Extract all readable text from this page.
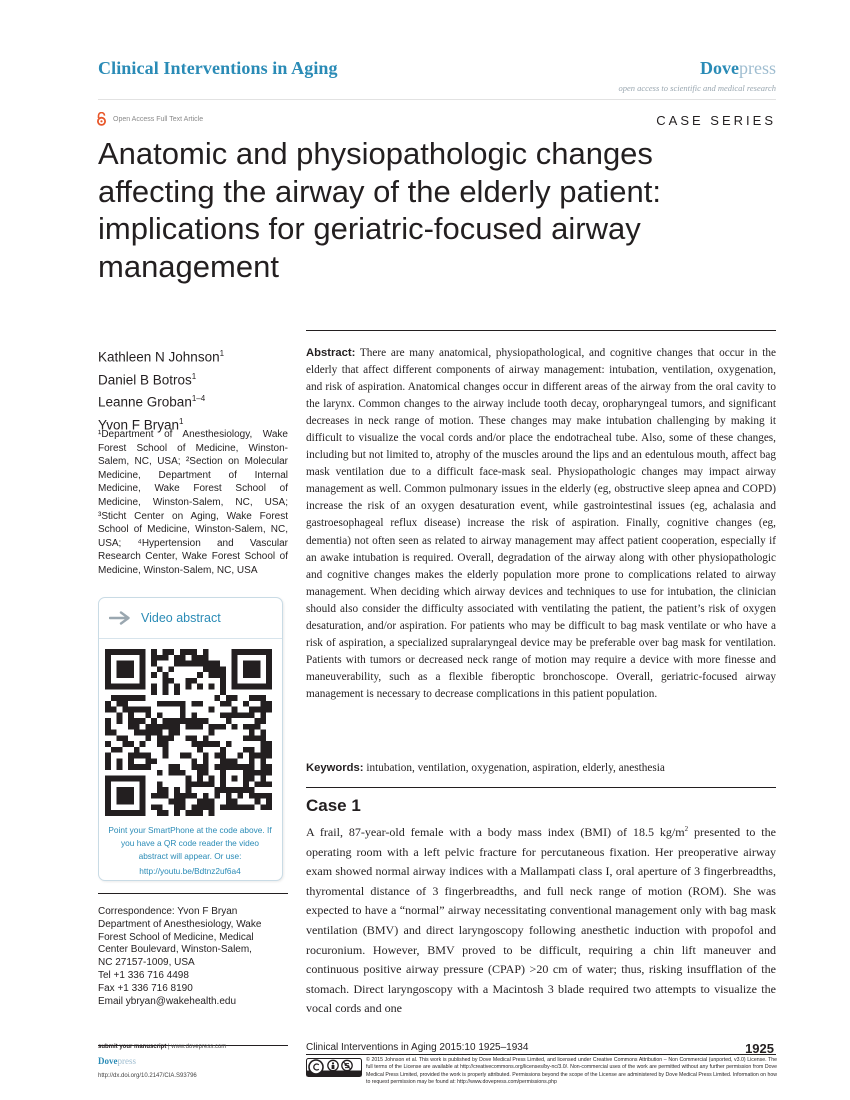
Clinical Interventions in Aging	Dovepress
open access to scientific and medical research
Open Access Full Text Article	CASE SERIES
Anatomic and physiopathologic changes affecting the airway of the elderly patient: implications for geriatric-focused airway management
Kathleen N Johnson$^1$
Daniel B Botros$^1$
Leanne Groban$^{1-4}$
Yvon F Bryan$^1$
¹Department of Anesthesiology, Wake Forest School of Medicine, Winston-Salem, NC, USA; ²Section on Molecular Medicine, Department of Internal Medicine, Wake Forest School of Medicine, Winston-Salem, NC, USA; ³Sticht Center on Aging, Wake Forest School of Medicine, Winston-Salem, NC, USA; ⁴Hypertension and Vascular Research Center, Wake Forest School of Medicine, Winston-Salem, NC, USA
Video abstract
Point your SmartPhone at the code above. If you have a QR code reader the video abstract will appear. Or use:
http://youtu.be/Bdtnz2uf6a4
Correspondence: Yvon F Bryan
Department of Anesthesiology, Wake
Forest School of Medicine, Medical
Center Boulevard, Winston-Salem,
NC 27157-1009, USA
Tel +1 336 716 4498
Fax +1 336 716 8190
Email ybryan@wakehealth.edu
Abstract: There are many anatomical, physiopathological, and cognitive changes that occur in the elderly that affect different components of airway management: intubation, ventilation, oxygenation, and risk of aspiration. Anatomical changes occur in different areas of the airway from the oral cavity to the larynx. Common changes to the airway include tooth decay, oropharyngeal tumors, and significant decreases in neck range of motion. These changes may make intubation challenging by making it difficult to visualize the vocal cords and/or place the endotracheal tube. Also, some of these changes, including but not limited to, atrophy of the muscles around the lips and an edentulous mouth, affect bag mask ventilation due to a difficult face-mask seal. Physiopathologic changes may impact airway management as well. Common pulmonary issues in the elderly (eg, obstructive sleep apnea and COPD) increase the risk of an oxygen desaturation event, while gastrointestinal issues (eg, achalasia and gastroesophageal reflux disease) increase the risk of aspiration. Finally, cognitive changes (eg, dementia) not often seen as related to airway management may affect patient cooperation, especially if an awake intubation is required. Overall, degradation of the airway along with other physiopathologic and cognitive changes makes the elderly population more prone to complications related to airway management. When deciding which airway devices and techniques to use for intubation, the clinician should also consider the difficulty associated with ventilating the patient, the patient’s risk of oxygen desaturation, and/or aspiration. For patients who may be difficult to bag mask ventilate or who have a risk of aspiration, a specialized supralaryngeal device may be preferable over bag mask for ventilation. Patients with tumors or decreased neck range of motion may require a device with more finesse and maneuverability, such as a flexible fiberoptic bronchoscope. Overall, geriatric-focused airway management is necessary to decrease complications in this patient population.
Keywords: intubation, ventilation, oxygenation, aspiration, elderly, anesthesia
Case 1
A frail, 87-year-old female with a body mass index (BMI) of 18.5 $kg/m^2$ presented to the operating room with a left pelvic fracture for percutaneous fixation. Her preoperative airway exam showed normal airway indices with a Mallampati class I, oral aperture of 3 fingerbreadths, thyromental distance of 3 fingerbreadths, and full neck range of motion (ROM). She was expected to have a “normal” airway necessitating conventional management only with bag mask ventilation (BMV) and direct laryngoscopy following anesthetic induction with propofol and rocuronium. However, BMV proved to be difficult, requiring a chin lift maneuver and continuous positive airway pressure (CPAP) >20 cm of water; thus, risking insufflation of the stomach. Direct laryngoscopy with a Macintosh 3 blade required two attempts to visualize the vocal cords and one
submit your manuscript | www.dovepress.com
Dovepress
http://dx.doi.org/10.2147/CIA.S93796
Clinical Interventions in Aging 2015:10 1925–1934	1925
© 2015 Johnson et al. This work is published by Dove Medical Press Limited, and licensed under Creative Commons Attribution – Non Commercial (unported, v3.0) License. The full terms of the License are available at http://creativecommons.org/licenses/by-nc/3.0/. Non-commercial uses of the work are permitted without any further permission from Dove Medical Press Limited, provided the work is properly attributed. Permissions beyond the scope of the License are administered by Dove Medical Press Limited. Information on how to request permission may be found at: http://www.dovepress.com/permissions.php
